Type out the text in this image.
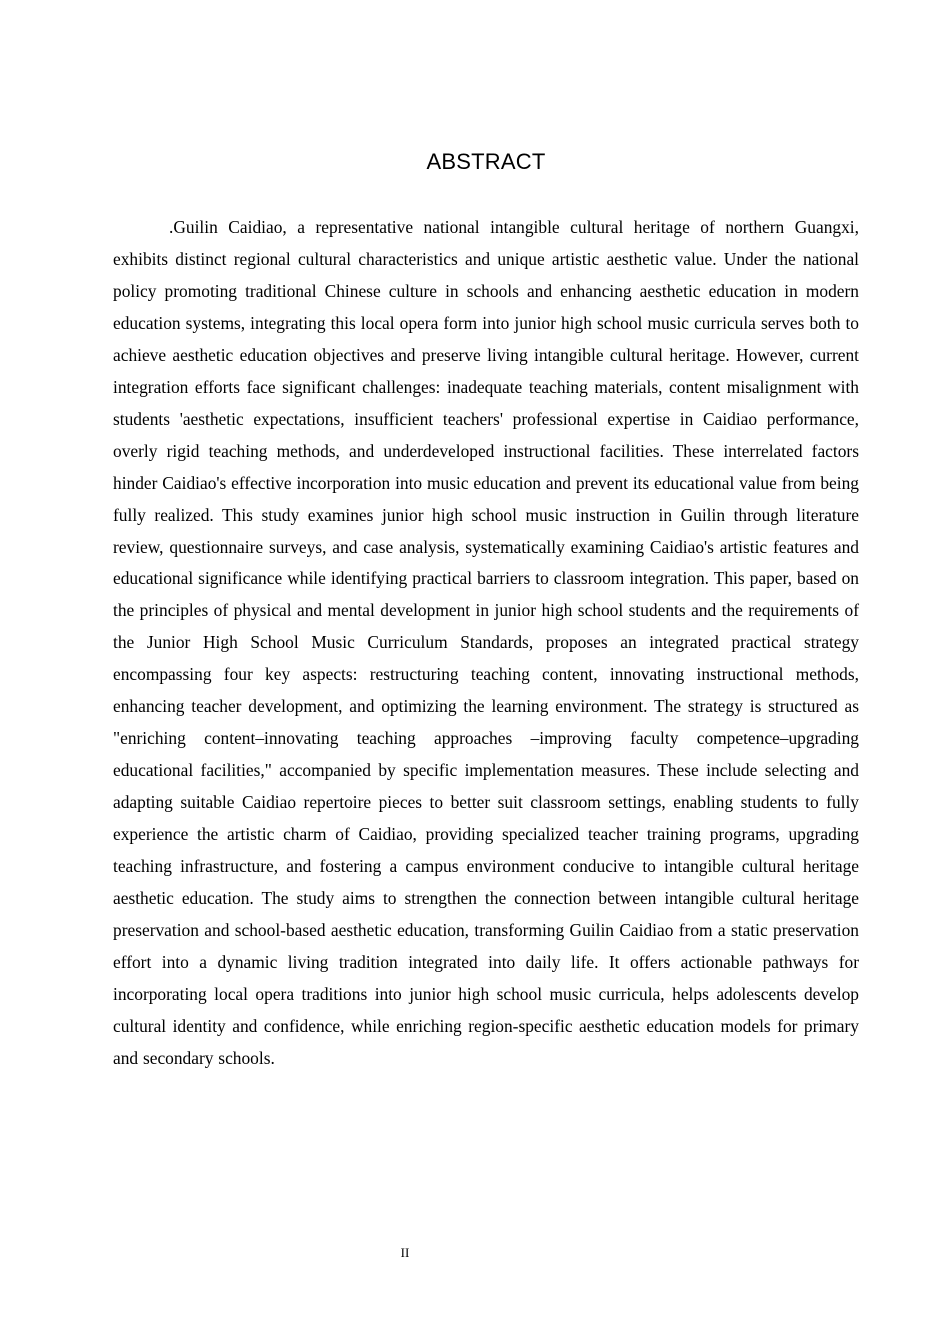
ABSTRACT

.Guilin Caidiao, a representative national intangible cultural heritage of northern Guangxi, exhibits distinct regional cultural characteristics and unique artistic aesthetic value. Under the national policy promoting traditional Chinese culture in schools and enhancing aesthetic education in modern education systems, integrating this local opera form into junior high school music curricula serves both to achieve aesthetic education objectives and preserve living intangible cultural heritage. However, current integration efforts face significant challenges: inadequate teaching materials, content misalignment with students 'aesthetic expectations, insufficient teachers' professional expertise in Caidiao performance, overly rigid teaching methods, and underdeveloped instructional facilities. These interrelated factors hinder Caidiao's effective incorporation into music education and prevent its educational value from being fully realized. This study examines junior high school music instruction in Guilin through literature review, questionnaire surveys, and case analysis, systematically examining Caidiao's artistic features and educational significance while identifying practical barriers to classroom integration. This paper, based on the principles of physical and mental development in junior high school students and the requirements of the Junior High School Music Curriculum Standards, proposes an integrated practical strategy encompassing four key aspects: restructuring teaching content, innovating instructional methods, enhancing teacher development, and optimizing the learning environment. The strategy is structured as "enriching content–innovating teaching approaches –improving faculty competence–upgrading educational facilities," accompanied by specific implementation measures. These include selecting and adapting suitable Caidiao repertoire pieces to better suit classroom settings, enabling students to fully experience the artistic charm of Caidiao, providing specialized teacher training programs, upgrading teaching infrastructure, and fostering a campus environment conducive to intangible cultural heritage aesthetic education. The study aims to strengthen the connection between intangible cultural heritage preservation and school-based aesthetic education, transforming Guilin Caidiao from a static preservation effort into a dynamic living tradition integrated into daily life. It offers actionable pathways for incorporating local opera traditions into junior high school music curricula, helps adolescents develop cultural identity and confidence, while enriching region-specific aesthetic education models for primary and secondary schools.

II
